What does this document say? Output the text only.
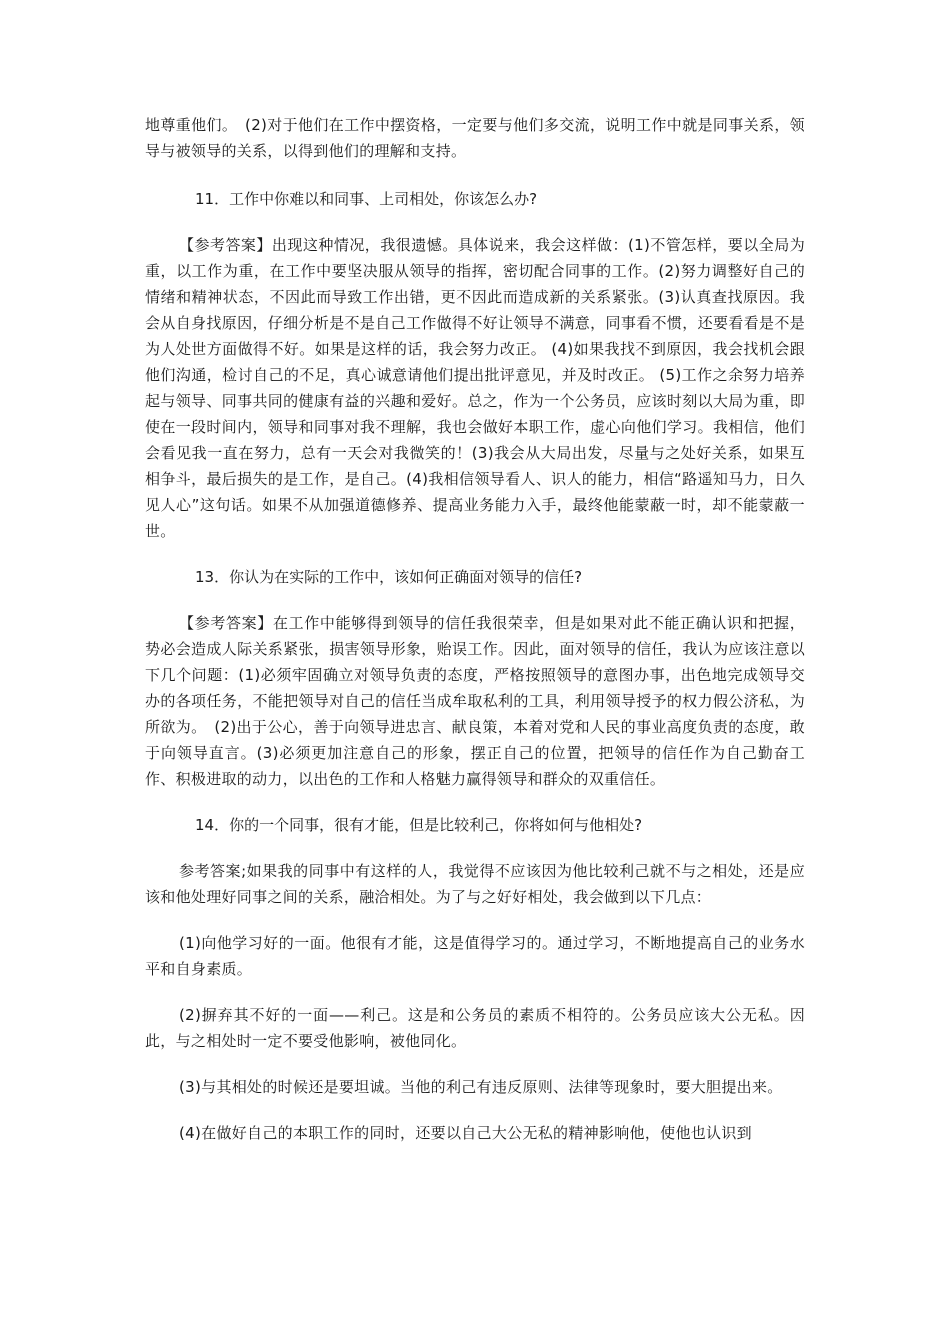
地尊重他们。　(2)对于他们在工作中摆资格，一定要与他们多交流，说明工作中就是同事关系，领导与被领导的关系，以得到他们的理解和支持。

11．工作中你难以和同事、上司相处，你该怎么办?

【参考答案】出现这种情况，我很遗憾。具体说来，我会这样做：(1)不管怎样，要以全局为重，以工作为重，在工作中要坚决服从领导的指挥，密切配合同事的工作。(2)努力调整好自己的情绪和精神状态，不因此而导致工作出错，更不因此而造成新的关系紧张。(3)认真查找原因。我会从自身找原因，仔细分析是不是自己工作做得不好让领导不满意，同事看不惯，还要看看是不是为人处世方面做得不好。如果是这样的话，我会努力改正。 (4)如果我找不到原因，我会找机会跟他们沟通，检讨自己的不足，真心诚意请他们提出批评意见，并及时改正。 (5)工作之余努力培养起与领导、同事共同的健康有益的兴趣和爱好。总之，作为一个公务员，应该时刻以大局为重，即使在一段时间内，领导和同事对我不理解，我也会做好本职工作，虚心向他们学习。我相信，他们会看见我一直在努力，总有一天会对我微笑的！(3)我会从大局出发，尽量与之处好关系，如果互相争斗，最后损失的是工作，是自己。(4)我相信领导看人、识人的能力，相信“路遥知马力，日久见人心”这句话。如果不从加强道德修养、提高业务能力入手，最终他能蒙蔽一时，却不能蒙蔽一世。

13．你认为在实际的工作中，该如何正确面对领导的信任?

【参考答案】在工作中能够得到领导的信任我很荣幸，但是如果对此不能正确认识和把握，势必会造成人际关系紧张，损害领导形象，贻误工作。因此，面对领导的信任，我认为应该注意以下几个问题：(1)必须牢固确立对领导负责的态度，严格按照领导的意图办事，出色地完成领导交办的各项任务，不能把领导对自己的信任当成牟取私利的工具，利用领导授予的权力假公济私，为所欲为。　(2)出于公心，善于向领导进忠言、献良策，本着对党和人民的事业高度负责的态度，敢于向领导直言。(3)必须更加注意自己的形象，摆正自己的位置，把领导的信任作为自己勤奋工作、积极进取的动力，以出色的工作和人格魅力赢得领导和群众的双重信任。

14．你的一个同事，很有才能，但是比较利己，你将如何与他相处?

参考答案;如果我的同事中有这样的人，我觉得不应该因为他比较利己就不与之相处，还是应该和他处理好同事之间的关系，融洽相处。为了与之好好相处，我会做到以下几点：

(1)向他学习好的一面。他很有才能，这是值得学习的。通过学习，不断地提高自己的业务水平和自身素质。

(2)摒弃其不好的一面——利己。这是和公务员的素质不相符的。公务员应该大公无私。因此，与之相处时一定不要受他影响，被他同化。

(3)与其相处的时候还是要坦诚。当他的利己有违反原则、法律等现象时，要大胆提出来。

(4)在做好自己的本职工作的同时，还要以自己大公无私的精神影响他，使他也认识到
